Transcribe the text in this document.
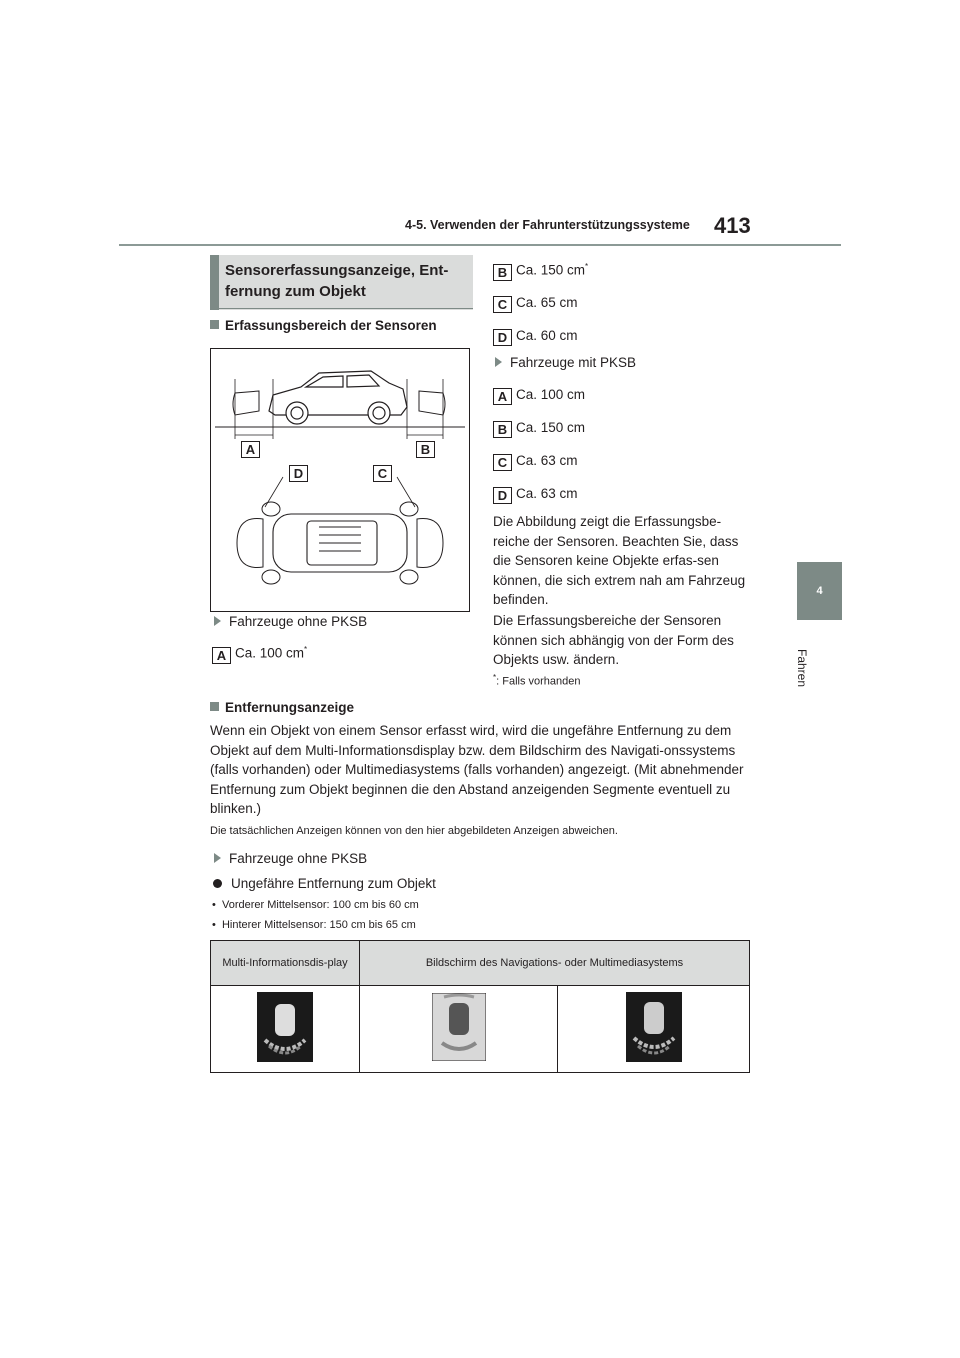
4-5. Verwenden der Fahrunterstützungssysteme 413
4
Fahren
Sensorerfassungsanzeige, Ent-fernung zum Objekt
Erfassungsbereich der Sensoren
A	B
C
D
Fahrzeuge ohne PKSB
A Ca. 100 cm*
B Ca. 150 cm*
C Ca. 65 cm
D Ca. 60 cm
Fahrzeuge mit PKSB
A Ca. 100 cm
B Ca. 150 cm
C Ca. 63 cm
D Ca. 63 cm
Die Abbildung zeigt die Erfassungsbe-reiche der Sensoren. Beachten Sie, dass die Sensoren keine Objekte erfas-sen können, die sich extrem nah am Fahrzeug befinden.
Die Erfassungsbereiche der Sensoren können sich abhängig von der Form des Objekts usw. ändern.
*: Falls vorhanden
Entfernungsanzeige
Wenn ein Objekt von einem Sensor erfasst wird, wird die ungefähre Entfernung zu dem Objekt auf dem Multi-Informationsdisplay bzw. dem Bildschirm des Navigati-onssystems (falls vorhanden) oder Multimediasystems (falls vorhanden) angezeigt. (Mit abnehmender Entfernung zum Objekt beginnen die den Abstand anzeigenden Segmente eventuell zu blinken.)
Die tatsächlichen Anzeigen können von den hier abgebildeten Anzeigen abweichen.
Fahrzeuge ohne PKSB
Ungefähre Entfernung zum Objekt
•  Vorderer Mittelsensor: 100 cm bis 60 cm
•  Hinterer Mittelsensor: 150 cm bis 65 cm
Multi-Informationsdis-play	Bildschirm des Navigations- oder Multimediasystems	
